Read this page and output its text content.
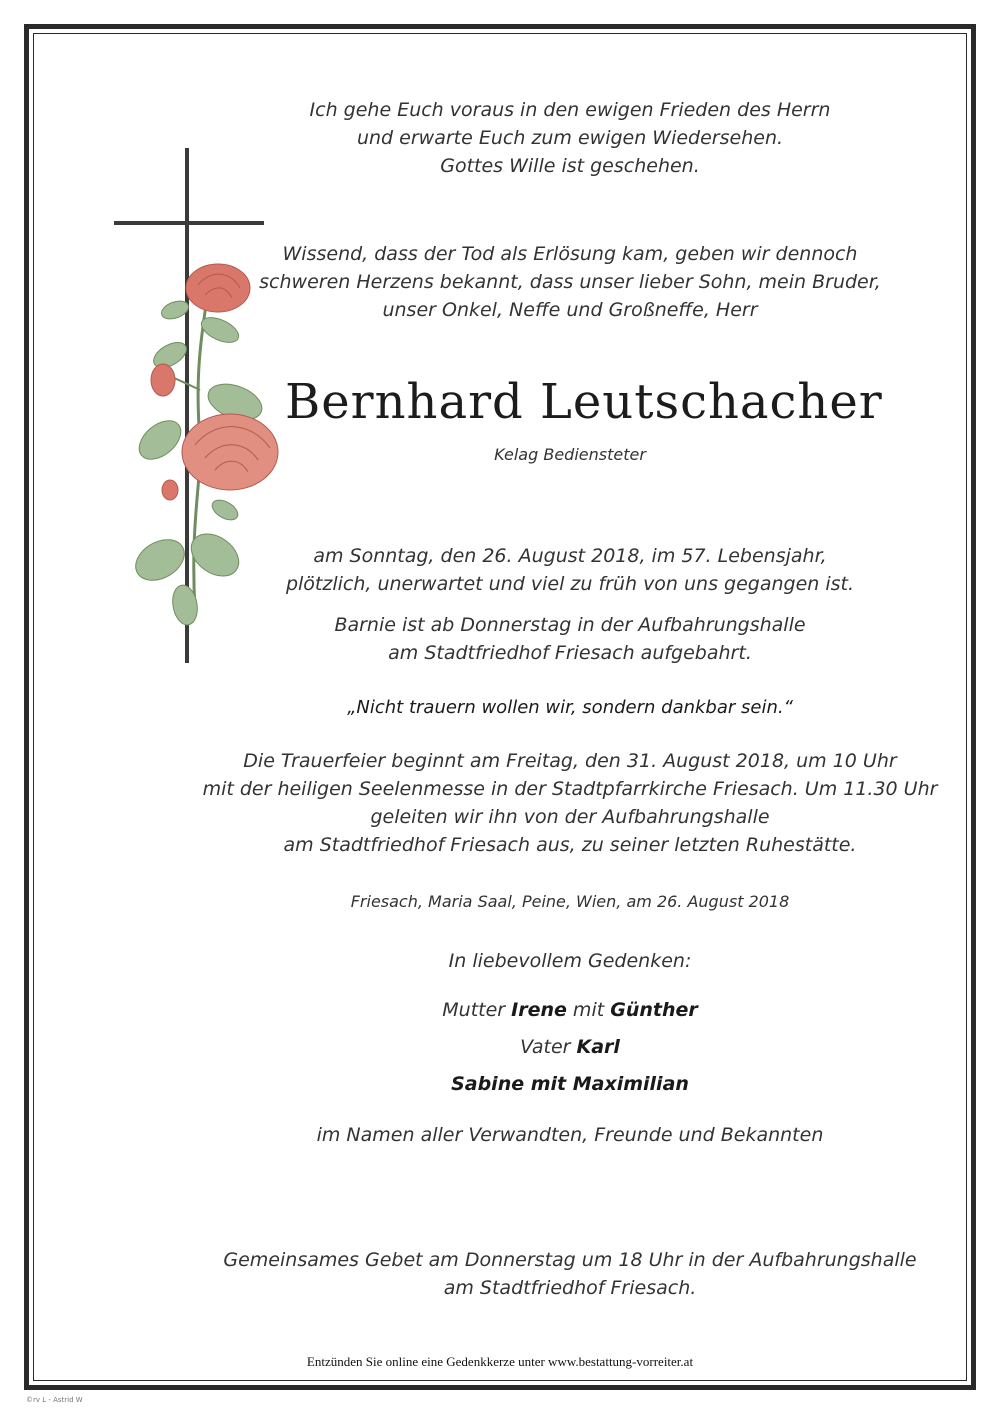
Ich gehe Euch voraus in den ewigen Frieden des Herrn
und erwarte Euch zum ewigen Wiedersehen.
Gottes Wille ist geschehen.
Wissend, dass der Tod als Erlösung kam, geben wir dennoch
schweren Herzens bekannt, dass unser lieber Sohn, mein Bruder,
unser Onkel, Neffe und Großneffe, Herr
Bernhard Leutschacher
Kelag Bediensteter
am Sonntag, den 26. August 2018, im 57. Lebensjahr,
plötzlich, unerwartet und viel zu früh von uns gegangen ist.
Barnie ist ab Donnerstag in der Aufbahrungshalle
am Stadtfriedhof Friesach aufgebahrt.
„Nicht trauern wollen wir, sondern dankbar sein.“
Die Trauerfeier beginnt am Freitag, den 31. August 2018, um 10 Uhr
mit der heiligen Seelenmesse in der Stadtpfarrkirche Friesach. Um 11.30 Uhr
geleiten wir ihn von der Aufbahrungshalle
am Stadtfriedhof Friesach aus, zu seiner letzten Ruhestätte.
Friesach, Maria Saal, Peine, Wien, am 26. August 2018
In liebevollem Gedenken:
Mutter Irene mit Günther
Vater Karl
Sabine mit Maximilian
im Namen aller Verwandten, Freunde und Bekannten
Gemeinsames Gebet am Donnerstag um 18 Uhr in der Aufbahrungshalle
am Stadtfriedhof Friesach.
Entzünden Sie online eine Gedenkkerze unter www.bestattung-vorreiter.at
©rv L - Astrid W
